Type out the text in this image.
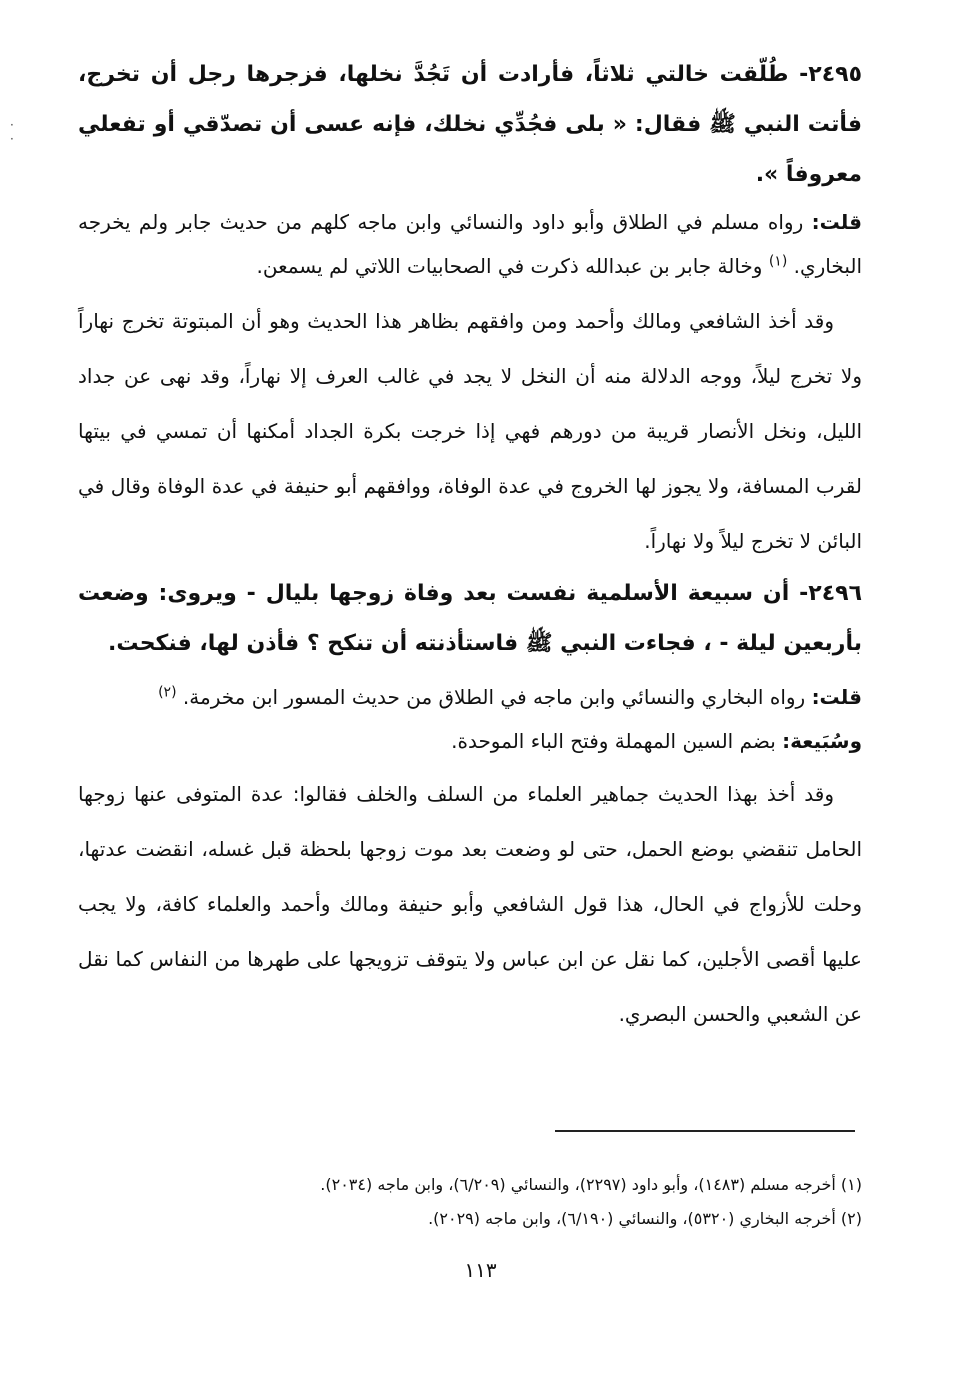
·
·

٢٤٩٥- طُلّقت خالتي ثلاثاً، فأرادت أن تَجُدَّ نخلها، فزجرها رجل أن تخرج، فأتت النبي ﷺ فقال: « بلى فجُدِّي نخلك، فإنه عسى أن تصدّقي أو تفعلي معروفاً ».

قلت: رواه مسلم في الطلاق وأبو داود والنسائي وابن ماجه كلهم من حديث جابر ولم يخرجه البخاري. $^{(١)}$ وخالة جابر بن عبدالله ذكرت في الصحابيات اللاتي لم يسمعن.

وقد أخذ الشافعي ومالك وأحمد ومن وافقهم بظاهر هذا الحديث وهو أن المبتوتة تخرج نهاراً ولا تخرج ليلاً، ووجه الدلالة منه أن النخل لا يجد في غالب العرف إلا نهاراً، وقد نهى عن جداد الليل، ونخل الأنصار قريبة من دورهم فهي إذا خرجت بكرة الجداد أمكنها أن تمسي في بيتها لقرب المسافة، ولا يجوز لها الخروج في عدة الوفاة، ووافقهم أبو حنيفة في عدة الوفاة وقال في البائن لا تخرج ليلاً ولا نهاراً.

٢٤٩٦- أن سبيعة الأسلمية نفست بعد وفاة زوجها بليال - ويروى: وضعت بأربعين ليلة - ، فجاءت النبي ﷺ فاستأذنته أن تنكح ؟ فأذن لها، فنكحت.

قلت: رواه البخاري والنسائي وابن ماجه في الطلاق من حديث المسور ابن مخرمة. $^{(٢)}$

وسُبَيعة: بضم السين المهملة وفتح الباء الموحدة.

وقد أخذ بهذا الحديث جماهير العلماء من السلف والخلف فقالوا: عدة المتوفى عنها زوجها الحامل تنقضي بوضع الحمل، حتى لو وضعت بعد موت زوجها بلحظة قبل غسله، انقضت عدتها، وحلت للأزواج في الحال، هذا قول الشافعي وأبو حنيفة ومالك وأحمد والعلماء كافة، ولا يجب عليها أقصى الأجلين، كما نقل عن ابن عباس ولا يتوقف تزويجها على طهرها من النفاس كما نقل عن الشعبي والحسن البصري.

(١) أخرجه مسلم (١٤٨٣)، وأبو داود (٢٢٩٧)، والنسائي (٦/٢٠٩)، وابن ماجه (٢٠٣٤).

(٢) أخرجه البخاري (٥٣٢٠)، والنسائي (٦/١٩٠)، وابن ماجه (٢٠٢٩).

١١٣
